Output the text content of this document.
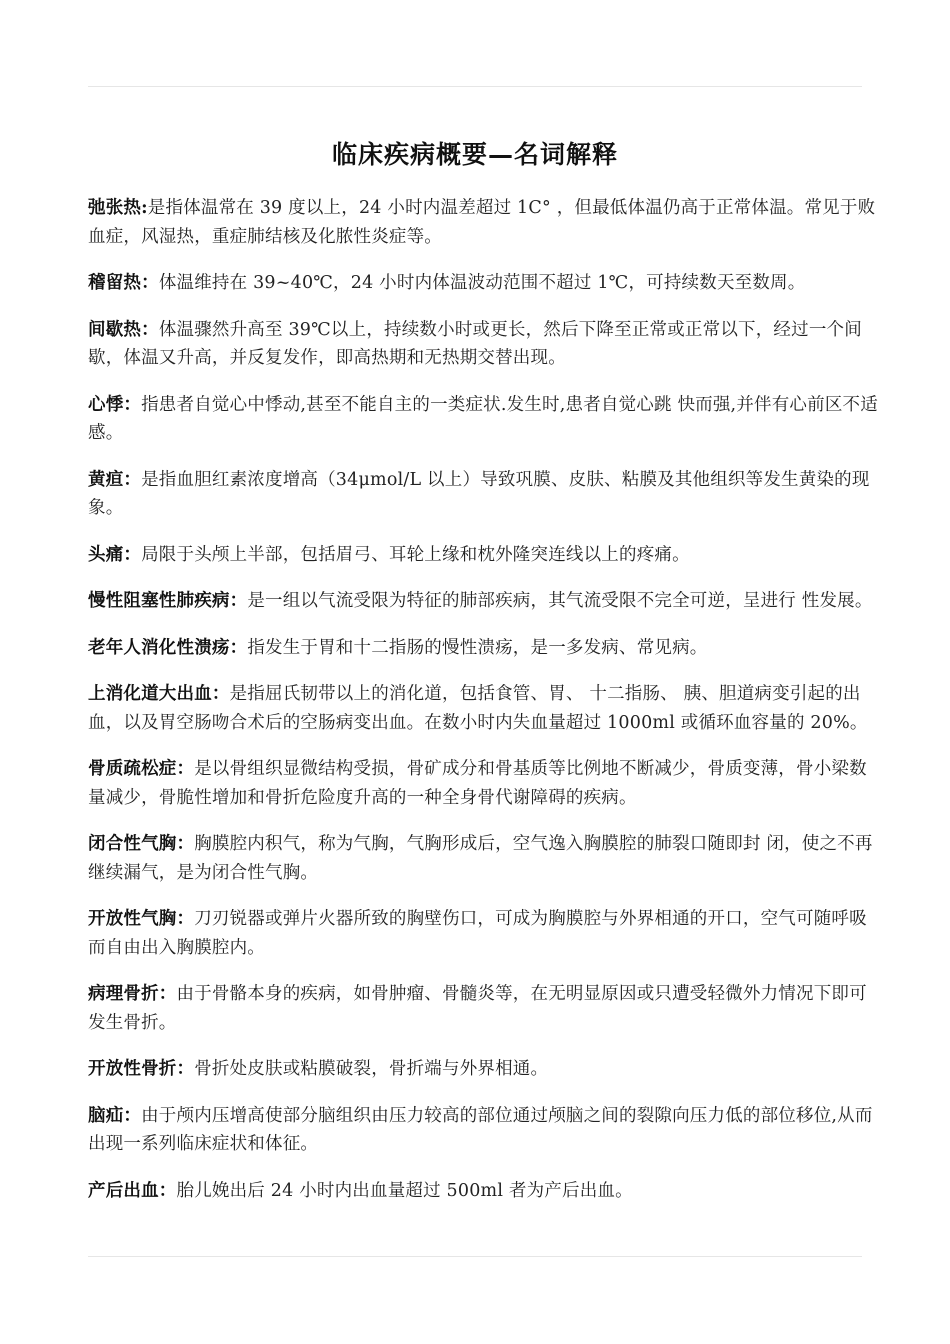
临床疾病概要—名词解释

弛张热:是指体温常在 39 度以上，24 小时内温差超过 1C° ，但最低体温仍高于正常体温。常见于败血症，风湿热，重症肺结核及化脓性炎症等。

稽留热：体温维持在 39~40℃，24 小时内体温波动范围不超过 1℃，可持续数天至数周。

间歇热：体温骤然升高至 39℃以上，持续数小时或更长，然后下降至正常或正常以下，经过一个间歇，体温又升高，并反复发作，即高热期和无热期交替出现。

心悸：指患者自觉心中悸动,甚至不能自主的一类症状.发生时,患者自觉心跳 快而强,并伴有心前区不适感。

黄疸：是指血胆红素浓度增高（34μmol/L 以上）导致巩膜、皮肤、粘膜及其他组织等发生黄染的现象。

头痛：局限于头颅上半部，包括眉弓、耳轮上缘和枕外隆突连线以上的疼痛。

慢性阻塞性肺疾病：是一组以气流受限为特征的肺部疾病，其气流受限不完全可逆，呈进行 性发展。

老年人消化性溃疡：指发生于胃和十二指肠的慢性溃疡，是一多发病、常见病。

上消化道大出血：是指屈氏韧带以上的消化道，包括食管、胃、 十二指肠、 胰、胆道病变引起的出血，以及胃空肠吻合术后的空肠病变出血。在数小时内失血量超过 1000ml 或循环血容量的 20%。

骨质疏松症：是以骨组织显微结构受损，骨矿成分和骨基质等比例地不断减少，骨质变薄，骨小梁数量减少，骨脆性增加和骨折危险度升高的一种全身骨代谢障碍的疾病。

闭合性气胸：胸膜腔内积气，称为气胸，气胸形成后，空气逸入胸膜腔的肺裂口随即封 闭，使之不再继续漏气，是为闭合性气胸。

开放性气胸：刀刃锐器或弹片火器所致的胸壁伤口，可成为胸膜腔与外界相通的开口，空气可随呼吸而自由出入胸膜腔内。

病理骨折：由于骨骼本身的疾病，如骨肿瘤、骨髓炎等，在无明显原因或只遭受轻微外力情况下即可发生骨折。

开放性骨折：骨折处皮肤或粘膜破裂，骨折端与外界相通。

脑疝：由于颅内压增高使部分脑组织由压力较高的部位通过颅脑之间的裂隙向压力低的部位移位,从而出现一系列临床症状和体征。

产后出血：胎儿娩出后 24 小时内出血量超过 500ml 者为产后出血。
